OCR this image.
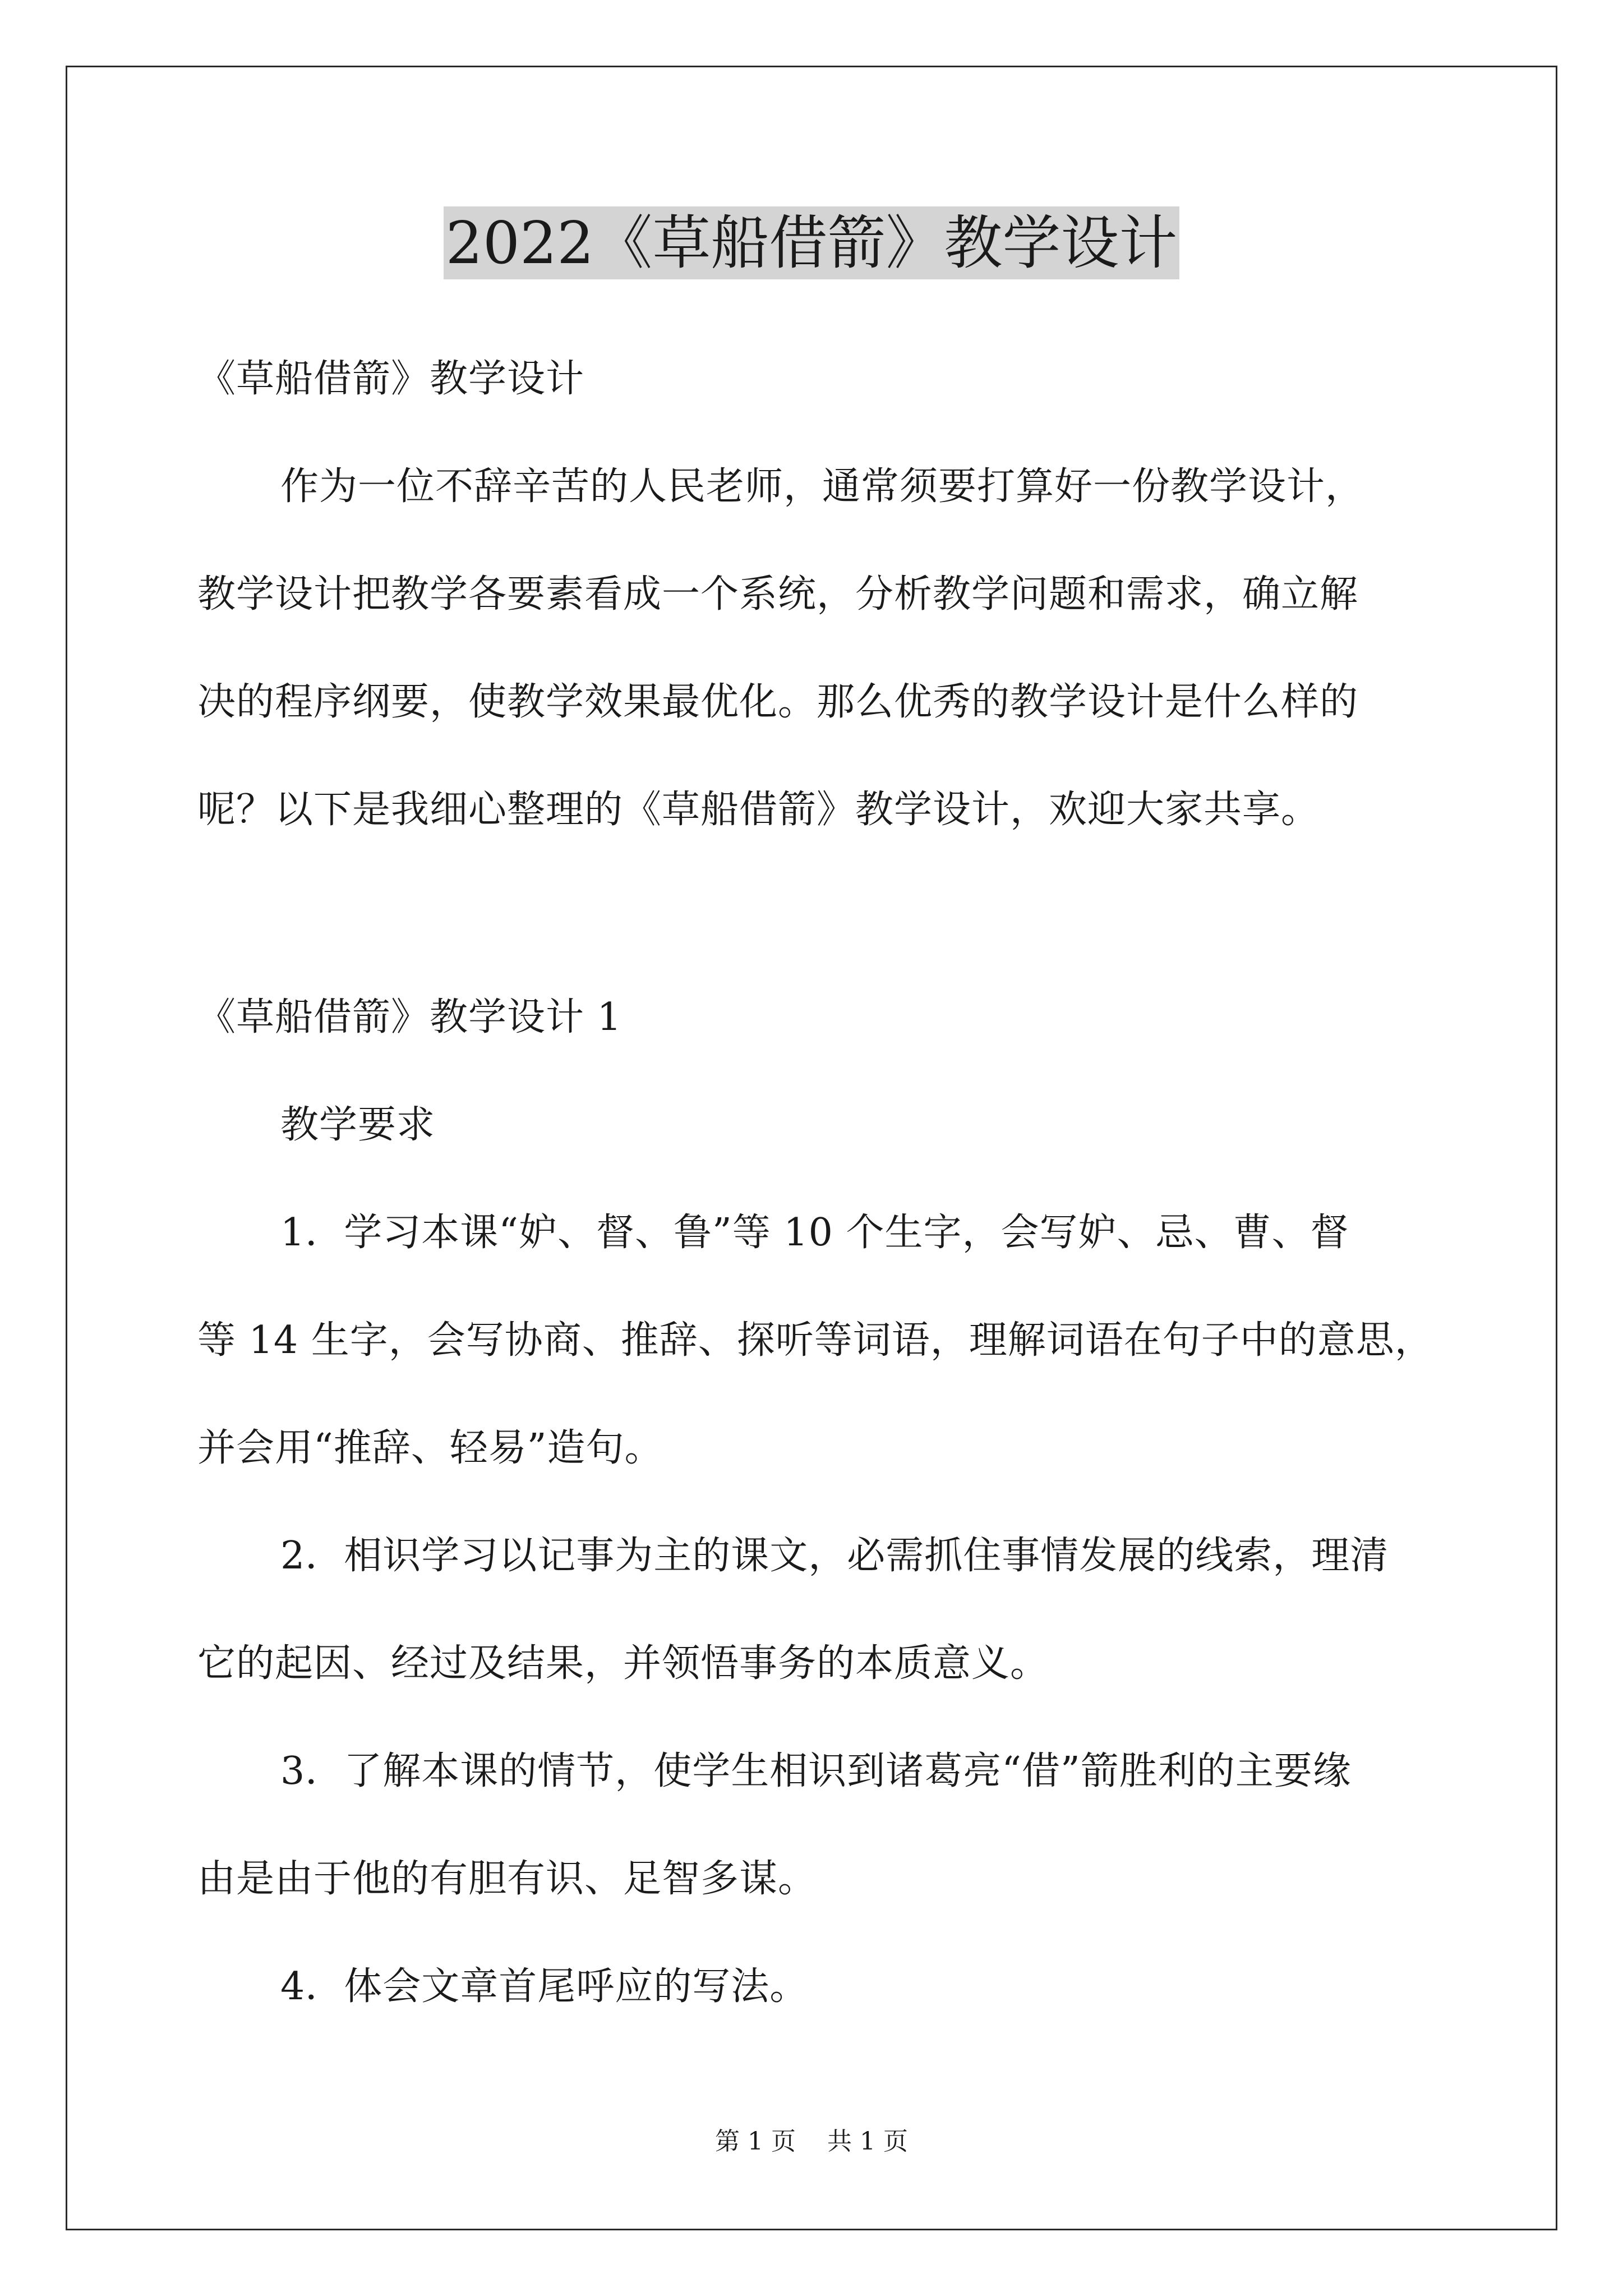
2022《草船借箭》教学设计
《草船借箭》教学设计
作为一位不辞辛苦的人民老师，通常须要打算好一份教学设计，
教学设计把教学各要素看成一个系统，分析教学问题和需求，确立解
决的程序纲要，使教学效果最优化。那么优秀的教学设计是什么样的
呢？以下是我细心整理的《草船借箭》教学设计，欢迎大家共享。
《草船借箭》教学设计 1
教学要求
1．学习本课“妒、督、鲁”等 10 个生字，会写妒、忌、曹、督
等 14 生字，会写协商、推辞、探听等词语，理解词语在句子中的意思，
并会用“推辞、轻易”造句。
2．相识学习以记事为主的课文，必需抓住事情发展的线索，理清
它的起因、经过及结果，并领悟事务的本质意义。
3．了解本课的情节，使学生相识到诸葛亮“借”箭胜利的主要缘
由是由于他的有胆有识、足智多谋。
4．体会文章首尾呼应的写法。
第 1 页 共 1 页
